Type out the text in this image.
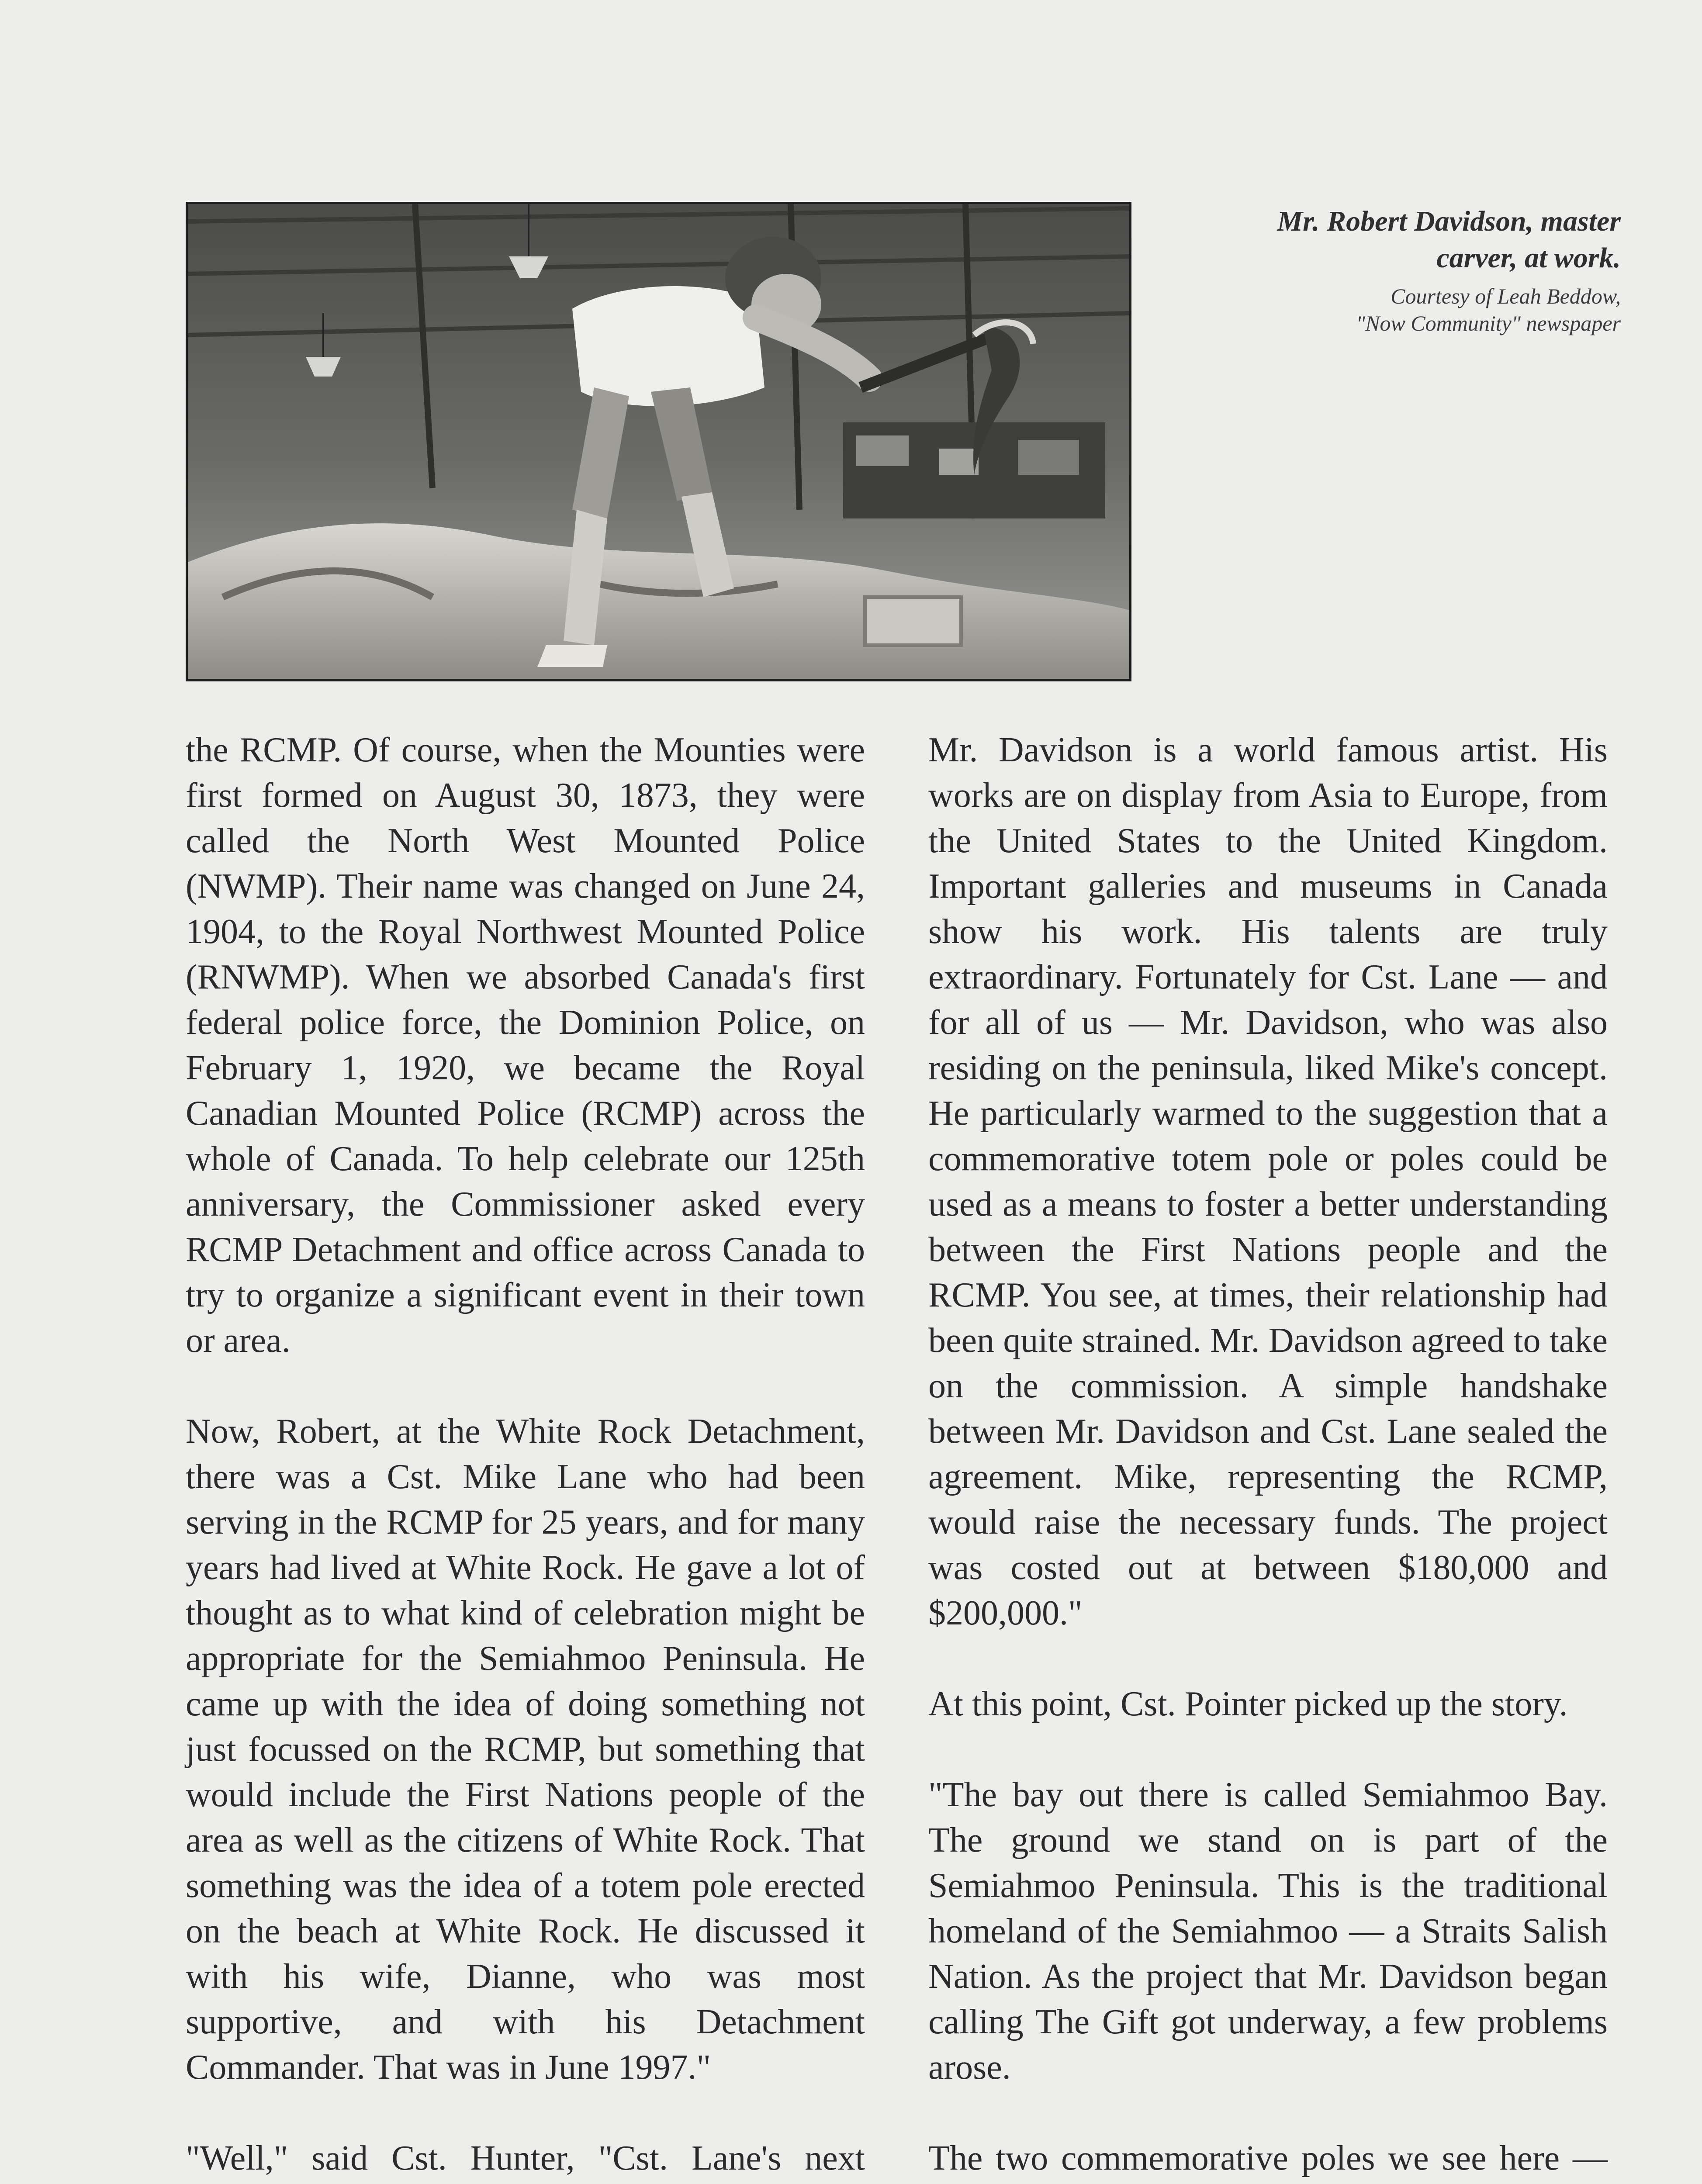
Mr. Robert Davidson, master
carver, at work.
Courtesy of Leah Beddow,
"Now Community" newspaper

the RCMP. Of course, when the Mounties were first formed on August 30, 1873, they were called the North West Mounted Police (NWMP). Their name was changed on June 24, 1904, to the Royal Northwest Mounted Police (RNWMP). When we absorbed Canada's first federal police force, the Dominion Police, on February 1, 1920, we became the Royal Canadian Mounted Police (RCMP) across the whole of Canada. To help celebrate our 125th anniversary, the Commissioner asked every RCMP Detachment and office across Canada to try to organize a significant event in their town or area.

Now, Robert, at the White Rock Detachment, there was a Cst. Mike Lane who had been serving in the RCMP for 25 years, and for many years had lived at White Rock. He gave a lot of thought as to what kind of celebration might be appropriate for the Semiahmoo Peninsula. He came up with the idea of doing something not just focussed on the RCMP, but something that would include the First Nations people of the area as well as the citizens of White Rock. That something was the idea of a totem pole erected on the beach at White Rock. He discussed it with his wife, Dianne, who was most supportive, and with his Detachment Commander. That was in June 1997."

"Well," said Cst. Hunter, "Cst. Lane's next

Mr. Davidson is a world famous artist. His works are on display from Asia to Europe, from the United States to the United Kingdom. Important galleries and museums in Canada show his work. His talents are truly extraordinary. Fortunately for Cst. Lane — and for all of us — Mr. Davidson, who was also residing on the peninsula, liked Mike's concept. He particularly warmed to the suggestion that a commemorative totem pole or poles could be used as a means to foster a better understanding between the First Nations people and the RCMP. You see, at times, their relationship had been quite strained. Mr. Davidson agreed to take on the commission. A simple handshake between Mr. Davidson and Cst. Lane sealed the agreement. Mike, representing the RCMP, would raise the necessary funds. The project was costed out at between $180,000 and $200,000."

At this point, Cst. Pointer picked up the story.

"The bay out there is called Semiahmoo Bay. The ground we stand on is part of the Semiahmoo Peninsula. This is the traditional homeland of the Semiahmoo — a Straits Salish Nation. As the project that Mr. Davidson began calling The Gift got underway, a few problems arose.

The two commemorative poles we see here —
